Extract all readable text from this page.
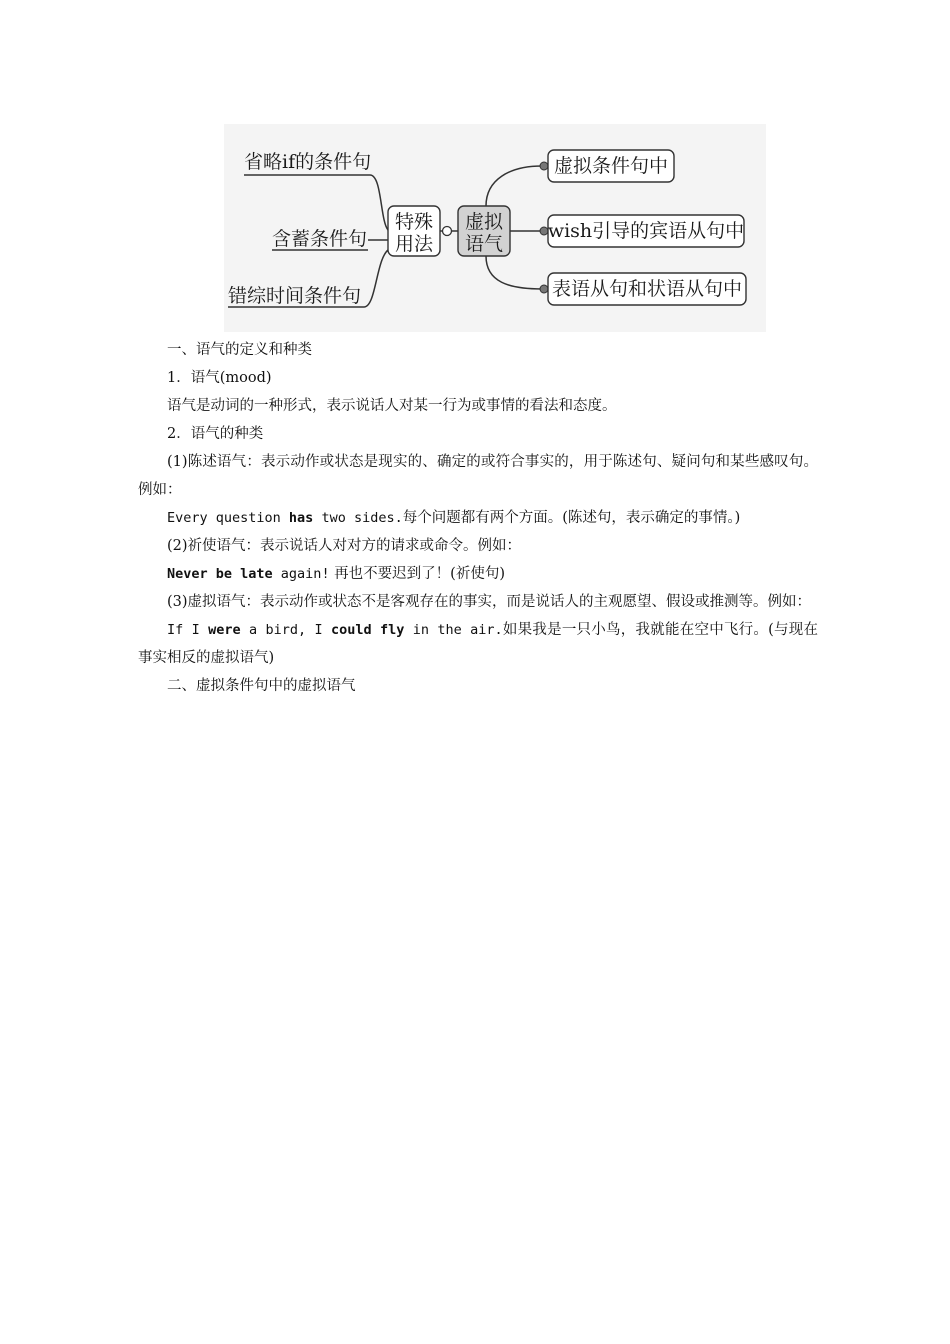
省略if的条件句
含蓄条件句
错综时间条件句
特殊
用法
虚拟
语气
虚拟条件句中
wish引导的宾语从句中
表语从句和状语从句中

一、语气的定义和种类

1．语气(mood)

语气是动词的一种形式，表示说话人对某一行为或事情的看法和态度。

2．语气的种类

(1)陈述语气：表示动作或状态是现实的、确定的或符合事实的，用于陈述句、疑问句和某些感叹句。例如：

Every question has two sides.每个问题都有两个方面。(陈述句，表示确定的事情。)

(2)祈使语气：表示说话人对对方的请求或命令。例如：

Never be late again! 再也不要迟到了！(祈使句)

(3)虚拟语气：表示动作或状态不是客观存在的事实，而是说话人的主观愿望、假设或推测等。例如：

If I were a bird, I could fly in the air.如果我是一只小鸟，我就能在空中飞行。(与现在事实相反的虚拟语气)

二、虚拟条件句中的虚拟语气
